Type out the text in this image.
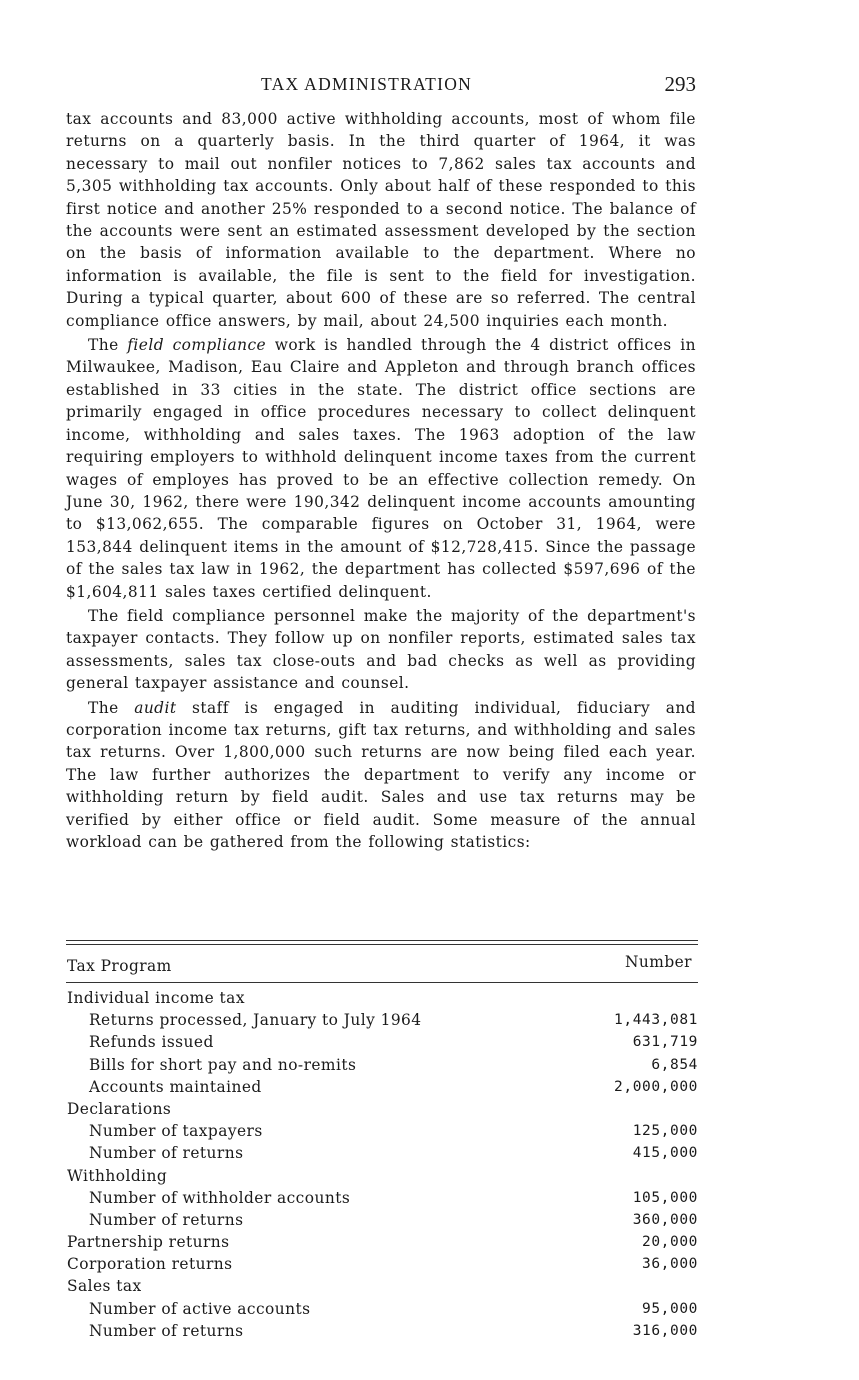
TAX ADMINISTRATION	293

tax accounts and 83,000 active withholding accounts, most of whom file returns on a quarterly basis. In the third quarter of 1964, it was necessary to mail out nonfiler notices to 7,862 sales tax accounts and 5,305 withholding tax accounts. Only about half of these responded to this first notice and another 25% responded to a second notice. The balance of the accounts were sent an estimated assessment developed by the section on the basis of information available to the department. Where no information is available, the file is sent to the field for investigation. During a typical quarter, about 600 of these are so referred. The central compliance office answers, by mail, about 24,500 inquiries each month.

The field compliance work is handled through the 4 district offices in Milwaukee, Madison, Eau Claire and Appleton and through branch offices established in 33 cities in the state. The district office sections are primarily engaged in office procedures necessary to collect delinquent income, withholding and sales taxes. The 1963 adoption of the law requiring employers to withhold delinquent income taxes from the current wages of employes has proved to be an effective collection remedy. On June 30, 1962, there were 190,342 delinquent income accounts amounting to $13,062,655. The comparable figures on October 31, 1964, were 153,844 delinquent items in the amount of $12,728,415. Since the passage of the sales tax law in 1962, the department has collected $597,696 of the $1,604,811 sales taxes certified delinquent.

The field compliance personnel make the majority of the department's taxpayer contacts. They follow up on nonfiler reports, estimated sales tax assessments, sales tax close-outs and bad checks as well as providing general taxpayer assistance and counsel.

The audit staff is engaged in auditing individual, fiduciary and corporation income tax returns, gift tax returns, and withholding and sales tax returns. Over 1,800,000 such returns are now being filed each year. The law further authorizes the department to verify any income or withholding return by field audit. Sales and use tax returns may be verified by either office or field audit. Some measure of the annual workload can be gathered from the following statistics:

Tax Program	Number
Individual income tax
Returns processed, January to July 1964	1,443,081
Refunds issued	631,719
Bills for short pay and no-remits	6,854
Accounts maintained	2,000,000
Declarations
Number of taxpayers	125,000
Number of returns	415,000
Withholding
Number of withholder accounts	105,000
Number of returns	360,000
Partnership returns	20,000
Corporation returns	36,000
Sales tax
Number of active accounts	95,000
Number of returns	316,000
